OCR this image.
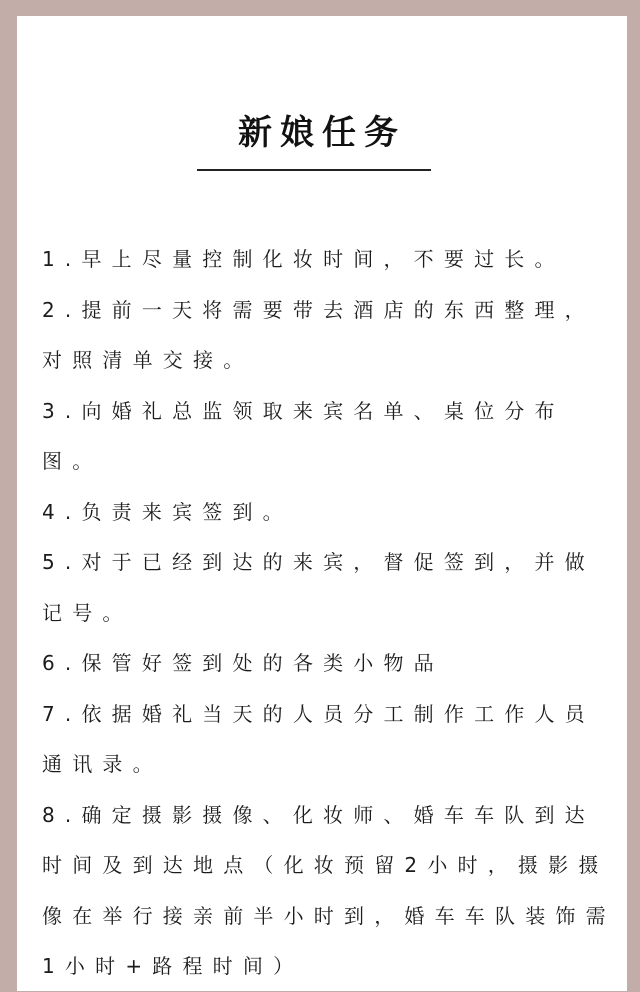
新娘任务
1.早上尽量控制化妆时间，不要过长。
2.提前一天将需要带去酒店的东西整理，对照清单交接。
3.向婚礼总监领取来宾名单、桌位分布图。
4.负责来宾签到。
5.对于已经到达的来宾，督促签到，并做记号。
6.保管好签到处的各类小物品
7.依据婚礼当天的人员分工制作工作人员通讯录。
8.确定摄影摄像、化妆师、婚车车队到达时间及到达地点（化妆预留2小时，摄影摄像在举行接亲前半小时到，婚车车队装饰需1小时+路程时间）
